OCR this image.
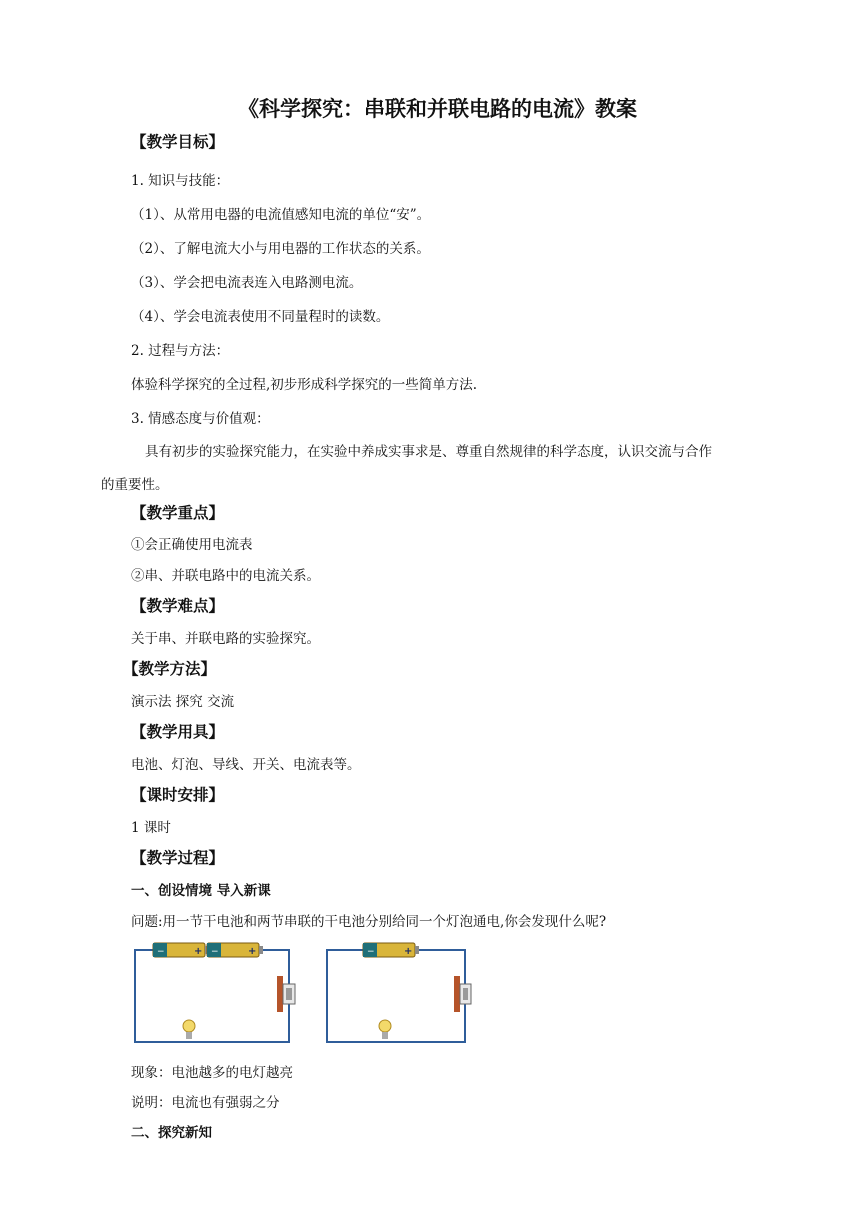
《科学探究：串联和并联电路的电流》教案
【教学目标】
1. 知识与技能：
（1）、从常用电器的电流值感知电流的单位“安”。
（2）、了解电流大小与用电器的工作状态的关系。
（3）、学会把电流表连入电路测电流。
（4）、学会电流表使用不同量程时的读数。
2. 过程与方法：
体验科学探究的全过程,初步形成科学探究的一些简单方法.
3. 情感态度与价值观：
具有初步的实验探究能力，在实验中养成实事求是、尊重自然规律的科学态度，认识交流与合作
的重要性。
【教学重点】
①会正确使用电流表
②串、并联电路中的电流关系。
【教学难点】
关于串、并联电路的实验探究。
【教学方法】
演示法 探究 交流
【教学用具】
电池、灯泡、导线、开关、电流表等。
【课时安排】
1 课时
【教学过程】
一、创设情境 导入新课
问题:用一节干电池和两节串联的干电池分别给同一个灯泡通电,你会发现什么呢?
−	+ −	+	−	+
现象：电池越多的电灯越亮
说明：电流也有强弱之分
二、探究新知
